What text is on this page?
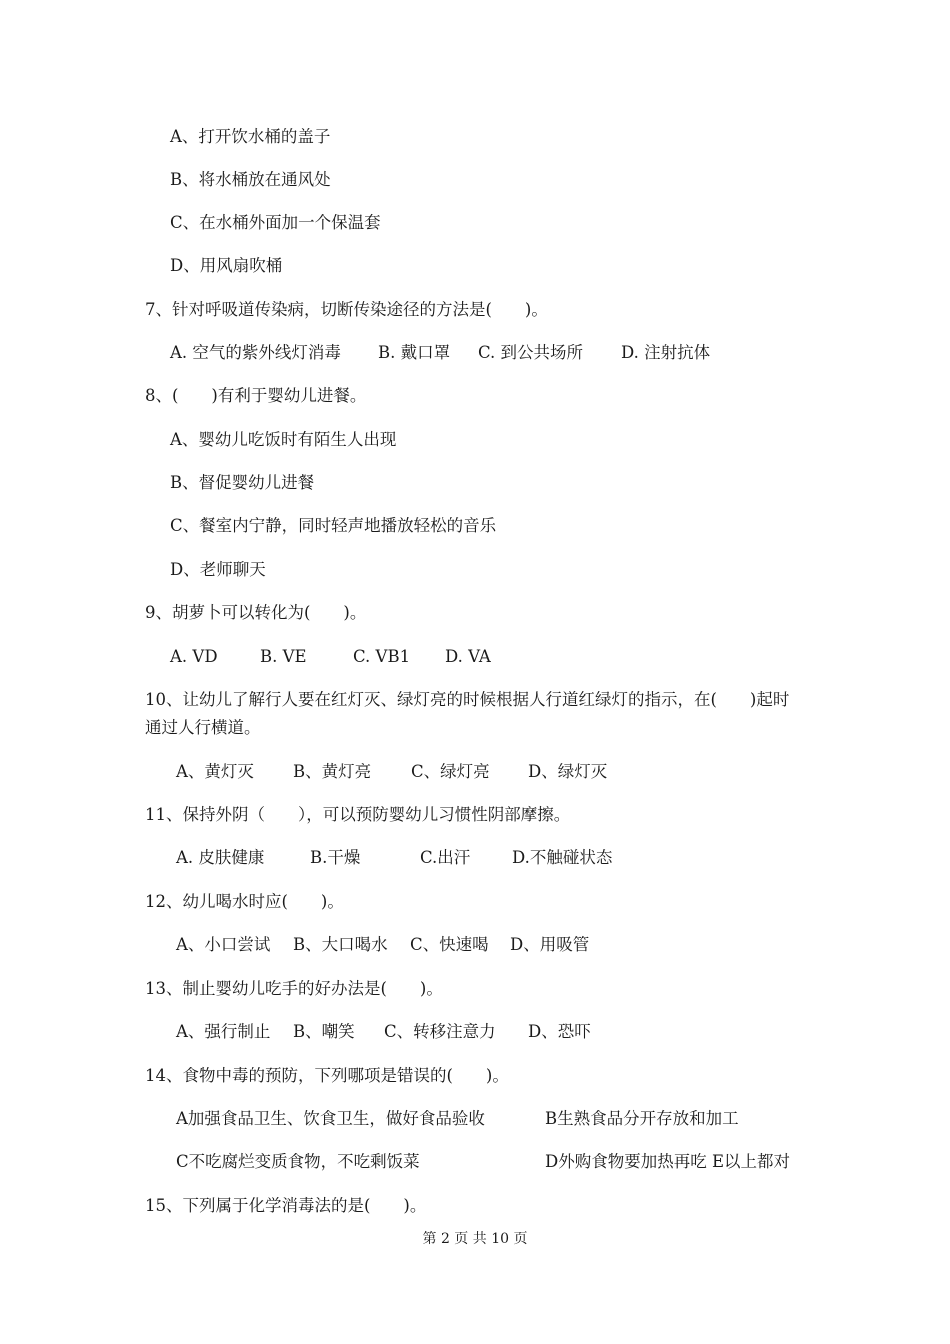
A、打开饮水桶的盖子
B、将水桶放在通风处
C、在水桶外面加一个保温套
D、用风扇吹桶
7、针对呼吸道传染病，切断传染途径的方法是(　　)。
A. 空气的紫外线灯消毒	B. 戴口罩	C. 到公共场所	D. 注射抗体
8、(　　)有利于婴幼儿进餐。
A、婴幼儿吃饭时有陌生人出现
B、督促婴幼儿进餐
C、餐室内宁静，同时轻声地播放轻松的音乐
D、老师聊天
9、胡萝卜可以转化为(　　)。
A. VD	B. VE	C. VB1	D. VA
10、让幼儿了解行人要在红灯灭、绿灯亮的时候根据人行道红绿灯的指示，在(　　)起时
通过人行横道。
A、黄灯灭	B、黄灯亮	C、绿灯亮	D、绿灯灭
11、保持外阴（　　），可以预防婴幼儿习惯性阴部摩擦。
A. 皮肤健康	B.干燥	C.出汗	D.不触碰状态
12、幼儿喝水时应(　　)。
A、小口尝试	B、大口喝水	C、快速喝	D、用吸管
13、制止婴幼儿吃手的好办法是(　　)。
A、强行制止	B、嘲笑	C、转移注意力	D、恐吓
14、食物中毒的预防，下列哪项是错误的(　　)。
A加强食品卫生、饮食卫生，做好食品验收	B生熟食品分开存放和加工
C不吃腐烂变质食物，不吃剩饭菜	D外购食物要加热再吃 E以上都对
15、下列属于化学消毒法的是(　　)。
第 2 页 共 10 页
